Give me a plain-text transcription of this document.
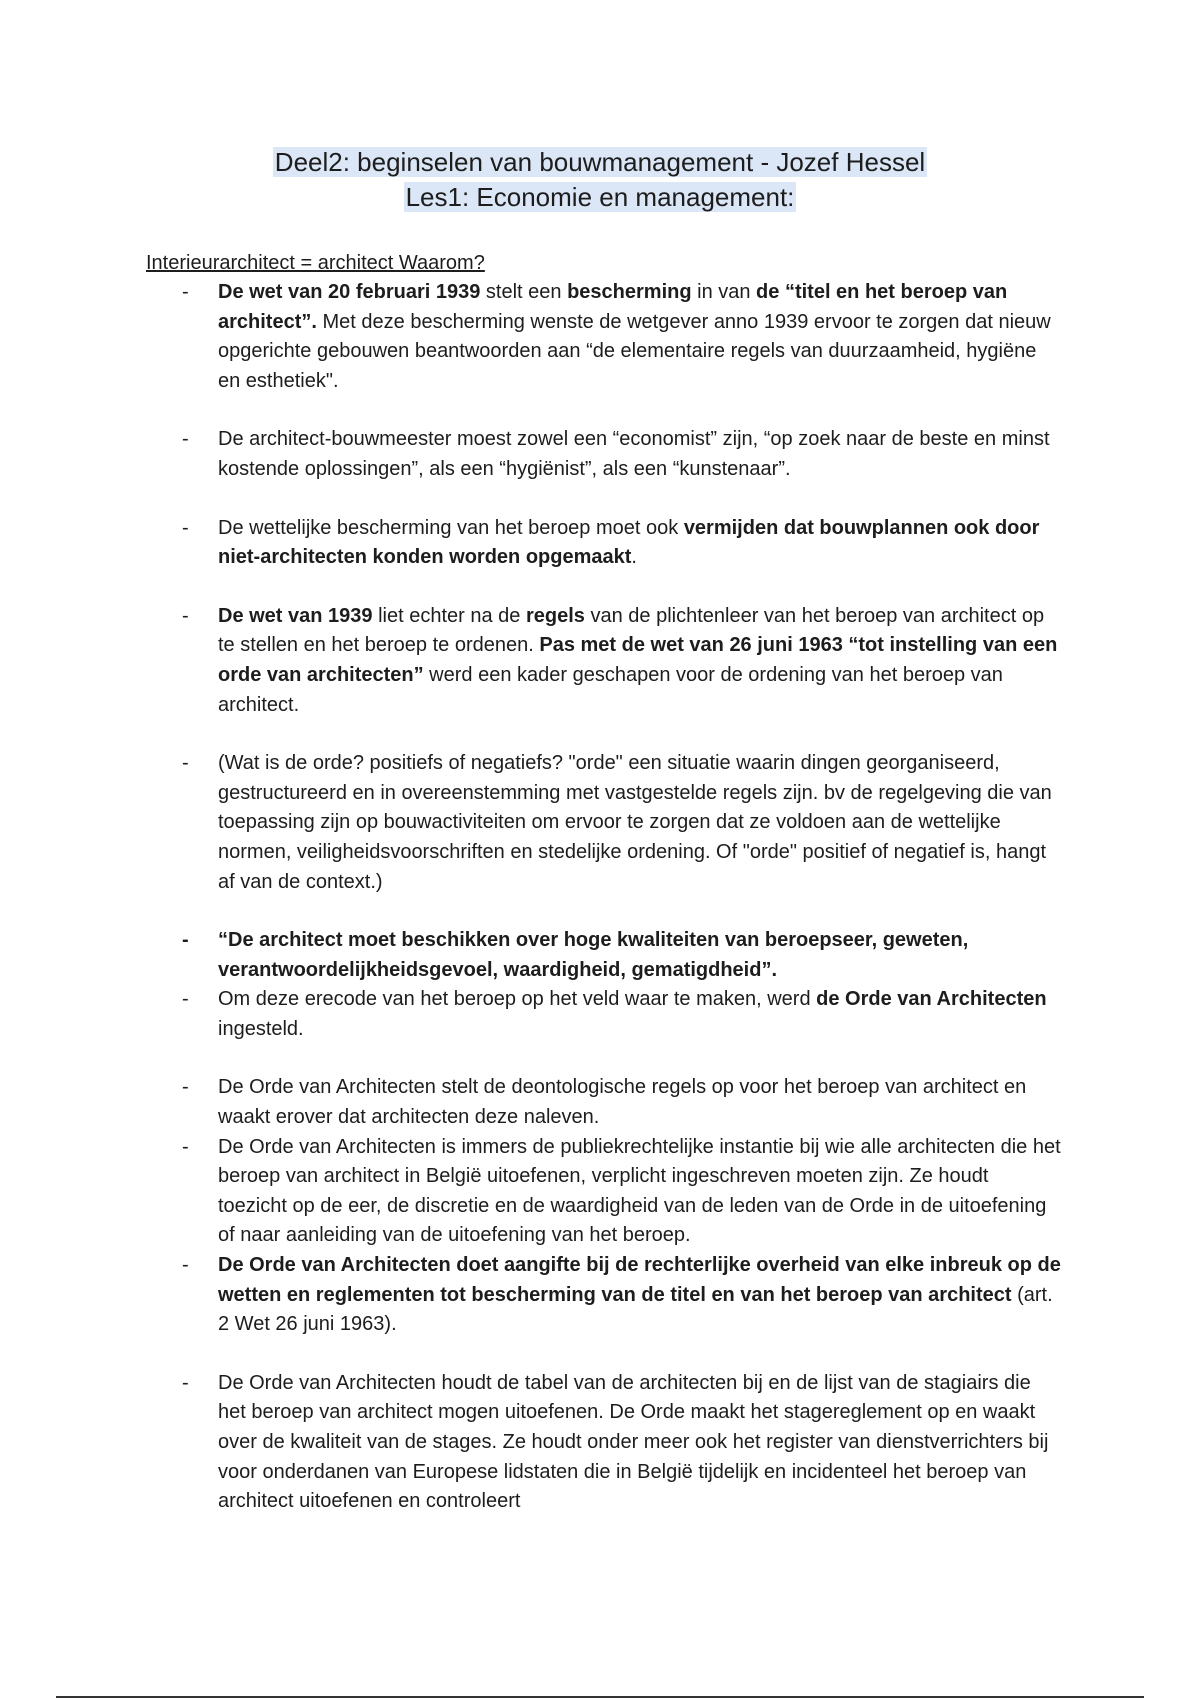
Deel2: beginselen van bouwmanagement - Jozef Hessel
Les1: Economie en management:
Interieurarchitect = architect Waarom?
- De wet van 20 februari 1939 stelt een bescherming in van de “titel en het beroep van architect”. Met deze bescherming wenste de wetgever anno 1939 ervoor te zorgen dat nieuw opgerichte gebouwen beantwoorden aan “de elementaire regels van duurzaamheid, hygiëne en esthetiek".
- De architect-bouwmeester moest zowel een “economist” zijn, “op zoek naar de beste en minst kostende oplossingen”, als een “hygiënist”, als een “kunstenaar”.
- De wettelijke bescherming van het beroep moet ook vermijden dat bouwplannen ook door niet-architecten konden worden opgemaakt.
- De wet van 1939 liet echter na de regels van de plichtenleer van het beroep van architect op te stellen en het beroep te ordenen. Pas met de wet van 26 juni 1963 “tot instelling van een orde van architecten” werd een kader geschapen voor de ordening van het beroep van architect.
- (Wat is de orde? positiefs of negatiefs? "orde" een situatie waarin dingen georganiseerd, gestructureerd en in overeenstemming met vastgestelde regels zijn. bv de regelgeving die van toepassing zijn op bouwactiviteiten om ervoor te zorgen dat ze voldoen aan de wettelijke normen, veiligheidsvoorschriften en stedelijke ordening. Of "orde" positief of negatief is, hangt af van de context.)
- “De architect moet beschikken over hoge kwaliteiten van beroepseer, geweten, verantwoordelijkheidsgevoel, waardigheid, gematigdheid”.
- Om deze erecode van het beroep op het veld waar te maken, werd de Orde van Architecten ingesteld.
- De Orde van Architecten stelt de deontologische regels op voor het beroep van architect en waakt erover dat architecten deze naleven.
- De Orde van Architecten is immers de publiekrechtelijke instantie bij wie alle architecten die het beroep van architect in België uitoefenen, verplicht ingeschreven moeten zijn. Ze houdt toezicht op de eer, de discretie en de waardigheid van de leden van de Orde in de uitoefening of naar aanleiding van de uitoefening van het beroep.
- De Orde van Architecten doet aangifte bij de rechterlijke overheid van elke inbreuk op de wetten en reglementen tot bescherming van de titel en van het beroep van architect (art. 2 Wet 26 juni 1963).
- De Orde van Architecten houdt de tabel van de architecten bij en de lijst van de stagiairs die het beroep van architect mogen uitoefenen. De Orde maakt het stagereglement op en waakt over de kwaliteit van de stages. Ze houdt onder meer ook het register van dienstverrichters bij voor onderdanen van Europese lidstaten die in België tijdelijk en incidenteel het beroep van architect uitoefenen en controleert
